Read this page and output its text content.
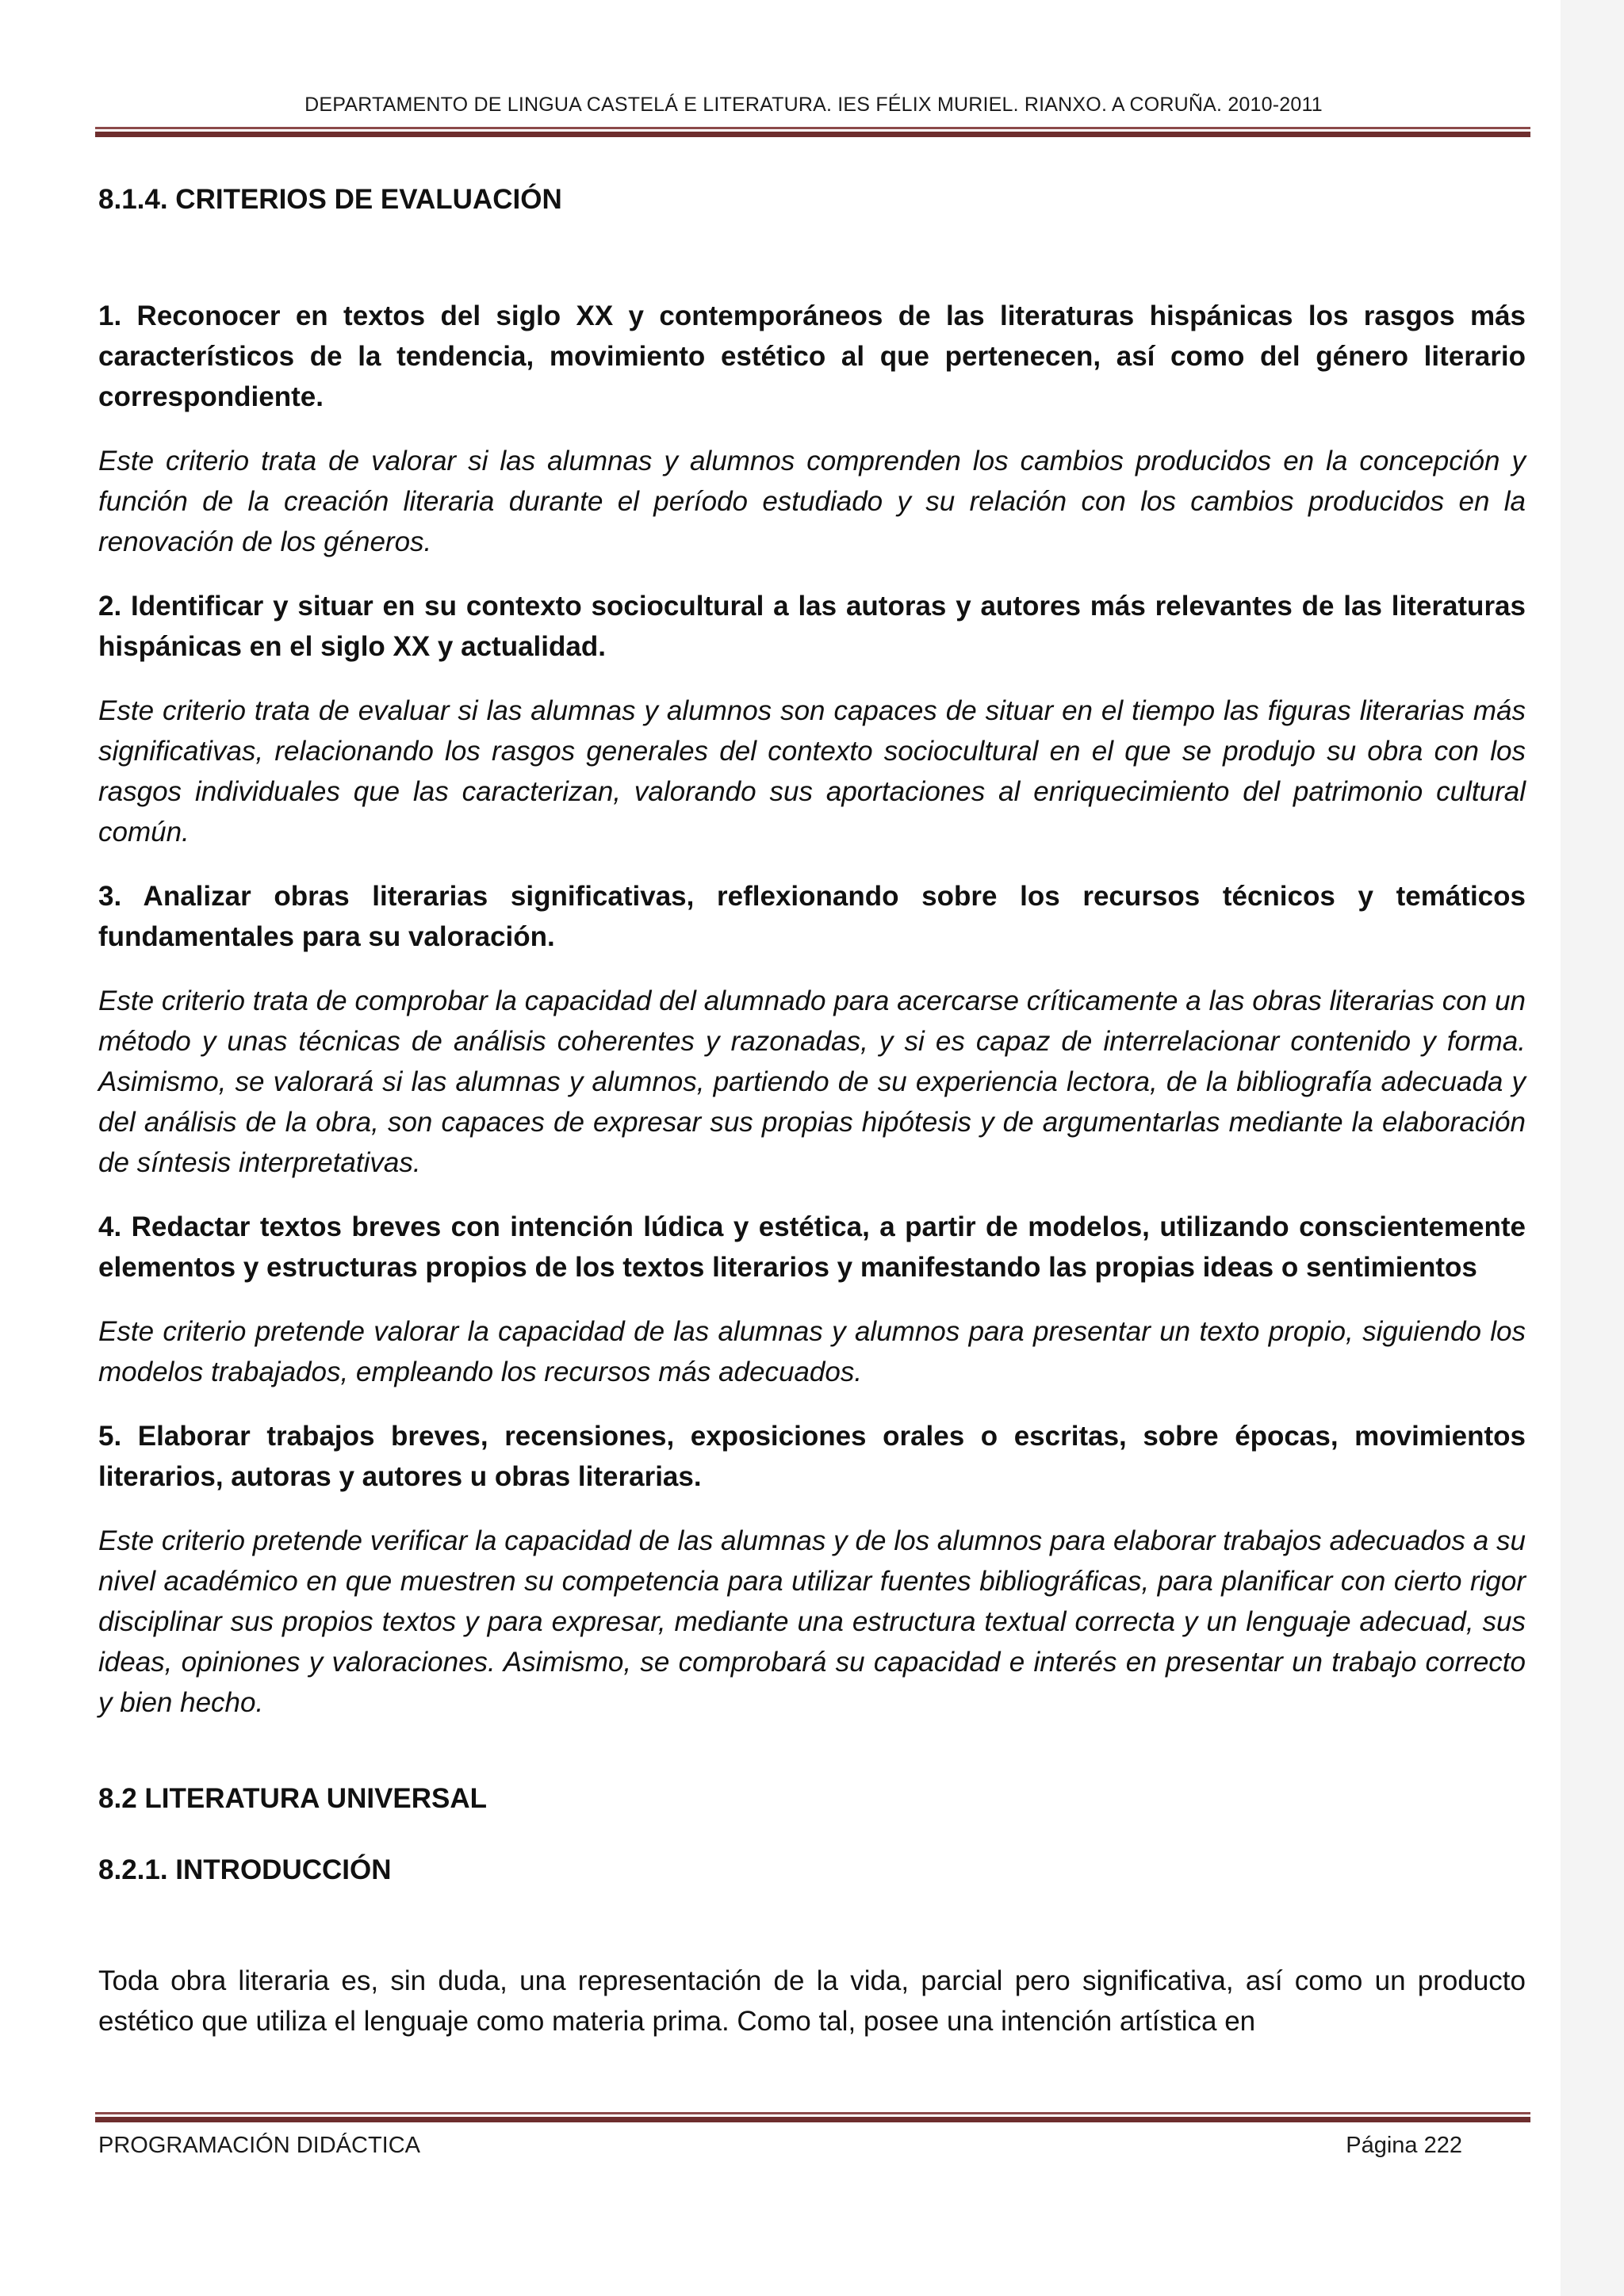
DEPARTAMENTO DE LINGUA CASTELÁ E LITERATURA. IES FÉLIX MURIEL. RIANXO. A CORUÑA. 2010-2011
8.1.4. CRITERIOS DE EVALUACIÓN

1. Reconocer en textos del siglo XX y contemporáneos de las literaturas hispánicas los rasgos más característicos de la tendencia, movimiento estético al que pertenecen, así como del género literario correspondiente.

Este criterio trata de valorar si las alumnas y alumnos comprenden los cambios producidos en la concepción y función de la creación literaria durante el período estudiado y su relación con los cambios producidos en la renovación de los géneros.

2. Identificar y situar en su contexto sociocultural a las autoras y autores más relevantes de las literaturas hispánicas en el siglo XX y actualidad.

Este criterio trata de evaluar si las alumnas y alumnos son capaces de situar en el tiempo las figuras literarias más significativas, relacionando los rasgos generales del contexto sociocultural en el que se produjo su obra con los rasgos individuales que las caracterizan, valorando sus aportaciones al enriquecimiento del patrimonio cultural común.

3. Analizar obras literarias significativas, reflexionando sobre los recursos técnicos y temáticos fundamentales para su valoración.

Este criterio trata de comprobar la capacidad del alumnado para acercarse críticamente a las obras literarias con un método y unas técnicas de análisis coherentes y razonadas, y si es capaz de interrelacionar contenido y forma. Asimismo, se valorará si las alumnas y alumnos, partiendo de su experiencia lectora, de la bibliografía adecuada y del análisis de la obra, son capaces de expresar sus propias hipótesis y de argumentarlas mediante la elaboración de síntesis interpretativas.

4. Redactar textos breves con intención lúdica y estética, a partir de modelos, utilizando conscientemente elementos y estructuras propios de los textos literarios y manifestando las propias ideas o sentimientos

Este criterio pretende valorar la capacidad de las alumnas y alumnos para presentar un texto propio, siguiendo los modelos trabajados, empleando los recursos más adecuados.

5. Elaborar trabajos breves, recensiones, exposiciones orales o escritas, sobre épocas, movimientos literarios, autoras y autores u obras literarias.

Este criterio pretende verificar la capacidad de las alumnas y de los alumnos para elaborar trabajos adecuados a su nivel académico en que muestren su competencia para utilizar fuentes bibliográficas, para planificar con cierto rigor disciplinar sus propios textos y para expresar, mediante una estructura textual correcta y un lenguaje adecuad, sus ideas, opiniones y valoraciones. Asimismo, se comprobará su capacidad e interés en presentar un trabajo correcto y bien hecho.

8.2 LITERATURA UNIVERSAL
8.2.1. INTRODUCCIÓN

Toda obra literaria es, sin duda, una representación de la vida, parcial pero significativa, así como un producto estético que utiliza el lenguaje como materia prima. Como tal, posee una intención artística en

PROGRAMACIÓN DIDÁCTICA	Página 222
